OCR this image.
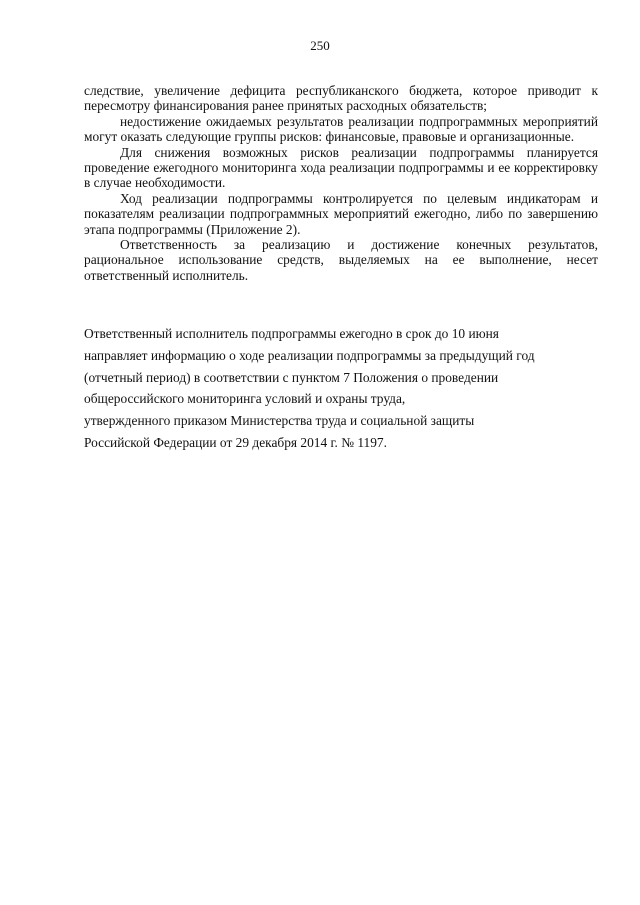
250

следствие, увеличение дефицита республиканского бюджета, которое приводит к пересмотру финансирования ранее принятых расходных обязательств;

недостижение ожидаемых результатов реализации подпрограммных мероприятий могут оказать следующие группы рисков: финансовые, правовые и организационные.

Для снижения возможных рисков реализации подпрограммы планируется проведение ежегодного мониторинга хода реализации подпрограммы и ее корректировку в случае необходимости.

Ход реализации подпрограммы контролируется по целевым индикаторам и показателям реализации подпрограммных мероприятий ежегодно, либо по завершению этапа подпрограммы (Приложение 2).

Ответственность за реализацию и достижение конечных результатов, рациональное использование средств, выделяемых на ее выполнение, несет ответственный исполнитель.

Ответственный исполнитель подпрограммы ежегодно в срок до 10 июня

направляет информацию о ходе реализации подпрограммы за предыдущий год

(отчетный период) в соответствии с пунктом 7 Положения о проведении

общероссийского мониторинга условий и охраны труда,

утвержденного приказом Министерства труда и социальной защиты

Российской Федерации от 29 декабря 2014 г. № 1197.
